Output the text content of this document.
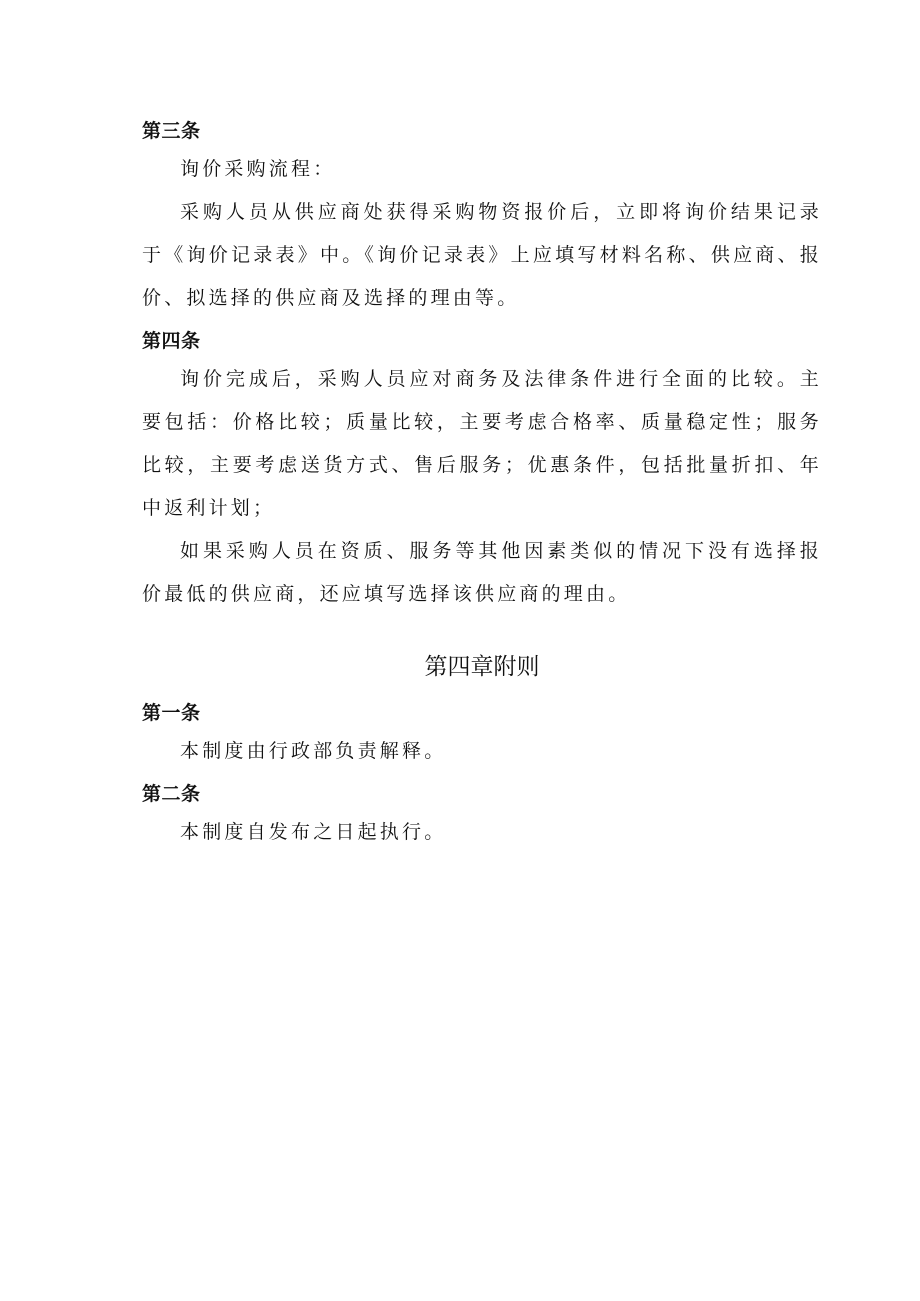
第三条

询价采购流程：

采购人员从供应商处获得采购物资报价后，立即将询价结果记录于《询价记录表》中。《询价记录表》上应填写材料名称、供应商、报价、拟选择的供应商及选择的理由等。

第四条

询价完成后，采购人员应对商务及法律条件进行全面的比较。主要包括：价格比较；质量比较，主要考虑合格率、质量稳定性；服务比较，主要考虑送货方式、售后服务；优惠条件，包括批量折扣、年中返利计划；

如果采购人员在资质、服务等其他因素类似的情况下没有选择报价最低的供应商，还应填写选择该供应商的理由。

第四章附则
第一条

本制度由行政部负责解释。

第二条

本制度自发布之日起执行。
